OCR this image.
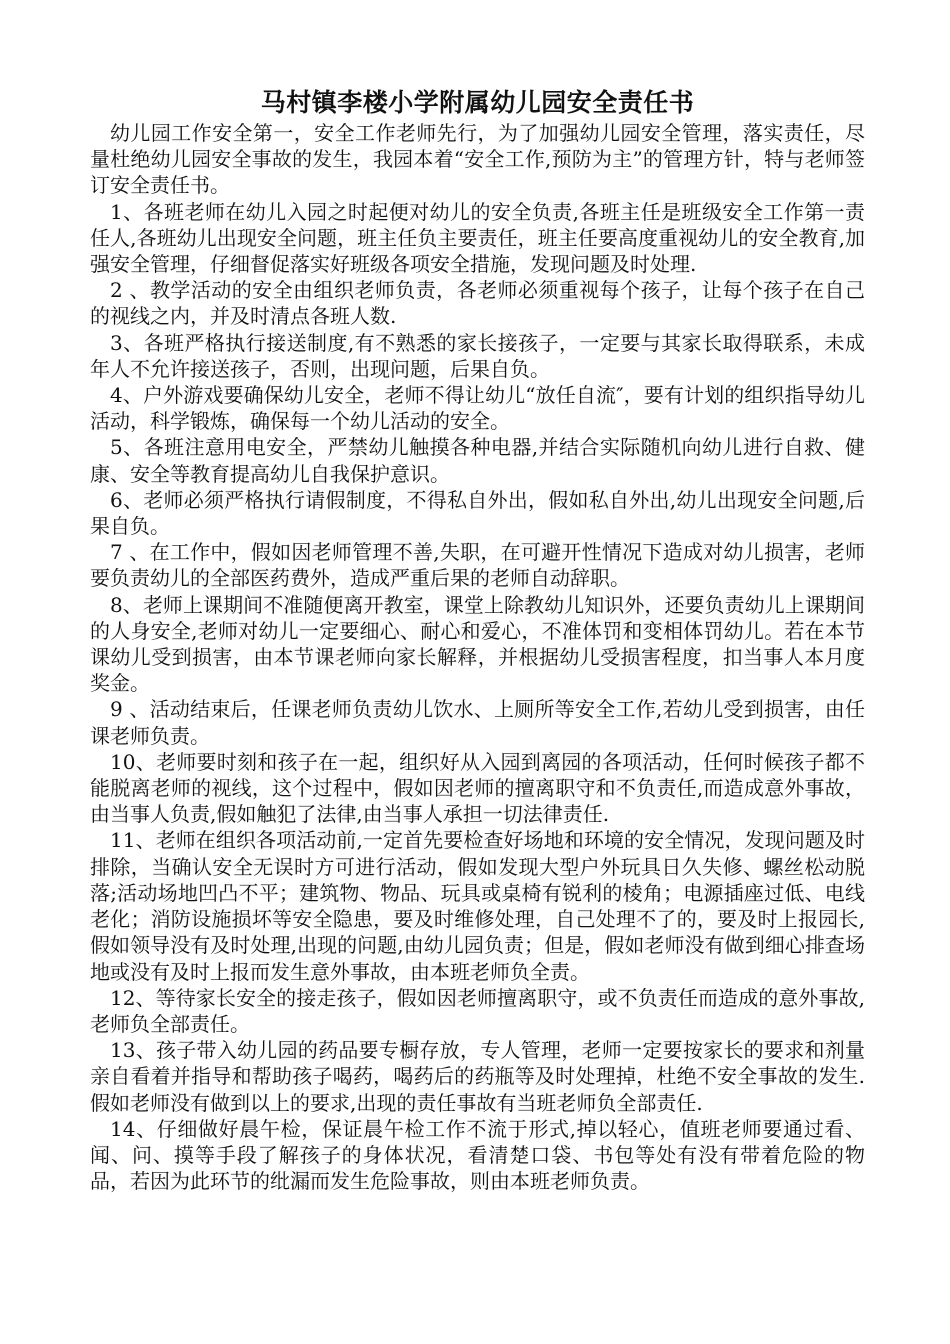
马村镇李楼小学附属幼儿园安全责任书

幼儿园工作安全第一，安全工作老师先行，为了加强幼儿园安全管理，落实责任，尽量杜绝幼儿园安全事故的发生，我园本着“安全工作,预防为主”的管理方针，特与老师签订安全责任书。

1、各班老师在幼儿入园之时起便对幼儿的安全负责,各班主任是班级安全工作第一责任人,各班幼儿出现安全问题，班主任负主要责任，班主任要高度重视幼儿的安全教育,加强安全管理，仔细督促落实好班级各项安全措施，发现问题及时处理.

2 、教学活动的安全由组织老师负责，各老师必须重视每个孩子，让每个孩子在自己的视线之内，并及时清点各班人数.

3、各班严格执行接送制度,有不熟悉的家长接孩子，一定要与其家长取得联系，未成年人不允许接送孩子，否则，出现问题，后果自负。

4、户外游戏要确保幼儿安全，老师不得让幼儿“放任自流″，要有计划的组织指导幼儿活动，科学锻炼，确保每一个幼儿活动的安全。

5、各班注意用电安全，严禁幼儿触摸各种电器,并结合实际随机向幼儿进行自救、健康、安全等教育提高幼儿自我保护意识。

6、老师必须严格执行请假制度，不得私自外出，假如私自外出,幼儿出现安全问题,后果自负。

7 、在工作中，假如因老师管理不善,失职，在可避开性情况下造成对幼儿损害，老师要负责幼儿的全部医药费外，造成严重后果的老师自动辞职。

8、老师上课期间不准随便离开教室，课堂上除教幼儿知识外，还要负责幼儿上课期间的人身安全,老师对幼儿一定要细心、耐心和爱心，不准体罚和变相体罚幼儿。若在本节课幼儿受到损害，由本节课老师向家长解释，并根据幼儿受损害程度，扣当事人本月度奖金。

9 、活动结束后，任课老师负责幼儿饮水、上厕所等安全工作,若幼儿受到损害，由任课老师负责。

10、老师要时刻和孩子在一起，组织好从入园到离园的各项活动，任何时候孩子都不能脱离老师的视线，这个过程中，假如因老师的擅离职守和不负责任,而造成意外事故，由当事人负责,假如触犯了法律,由当事人承担一切法律责任.

11、老师在组织各项活动前,一定首先要检查好场地和环境的安全情况，发现问题及时排除，当确认安全无误时方可进行活动，假如发现大型户外玩具日久失修、螺丝松动脱落;活动场地凹凸不平；建筑物、物品、玩具或桌椅有锐利的棱角；电源插座过低、电线老化；消防设施损坏等安全隐患，要及时维修处理，自己处理不了的，要及时上报园长,假如领导没有及时处理,出现的问题,由幼儿园负责；但是，假如老师没有做到细心排查场地或没有及时上报而发生意外事故，由本班老师负全责。

12、等待家长安全的接走孩子，假如因老师擅离职守，或不负责任而造成的意外事故,老师负全部责任。

13、孩子带入幼儿园的药品要专橱存放，专人管理，老师一定要按家长的要求和剂量亲自看着并指导和帮助孩子喝药，喝药后的药瓶等及时处理掉，杜绝不安全事故的发生.假如老师没有做到以上的要求,出现的责任事故有当班老师负全部责任.

14、仔细做好晨午检，保证晨午检工作不流于形式,掉以轻心，值班老师要通过看、闻、问、摸等手段了解孩子的身体状况，看清楚口袋、书包等处有没有带着危险的物品，若因为此环节的纰漏而发生危险事故，则由本班老师负责。
